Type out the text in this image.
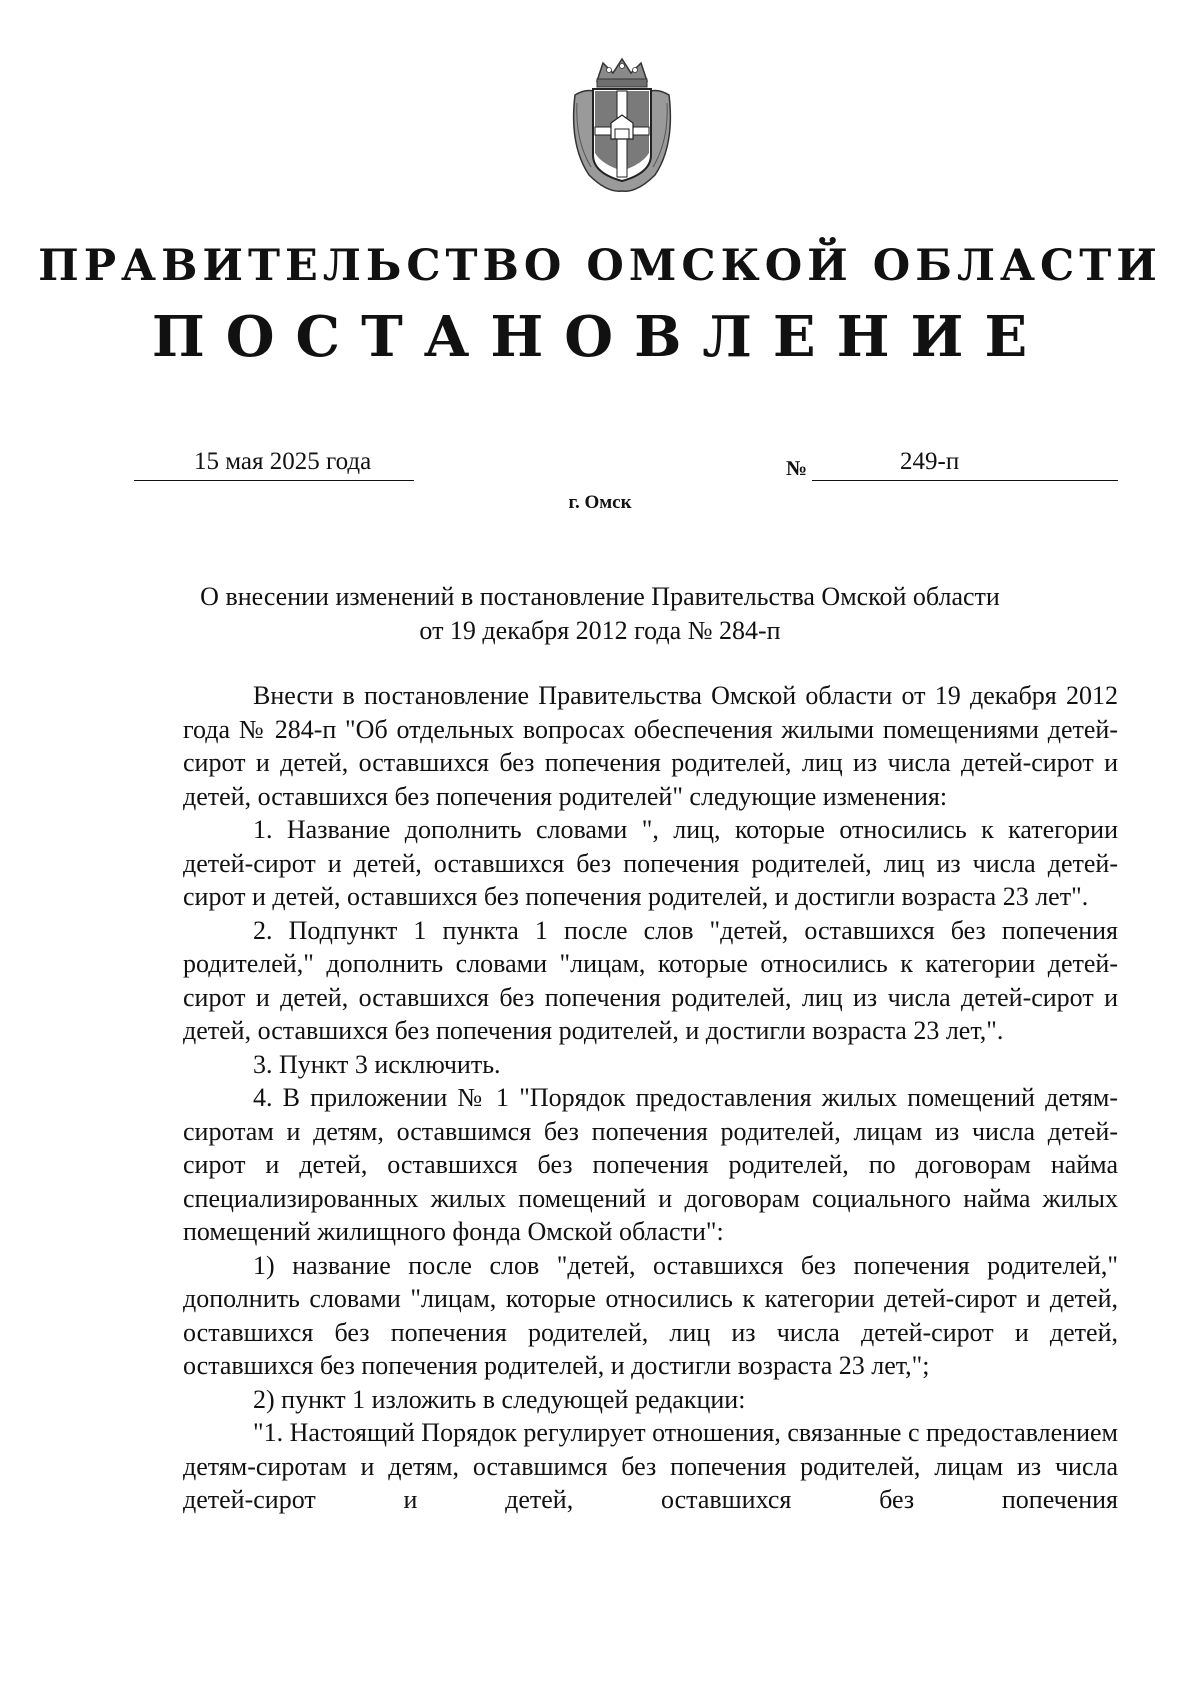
ПРАВИТЕЛЬСТВО ОМСКОЙ ОБЛАСТИ
ПОСТАНОВЛЕНИЕ
15 мая 2025 года	№	249-п
г. Омск
О внесении изменений в постановление Правительства Омской области
от 19 декабря 2012 года № 284-п

Внести в постановление Правительства Омской области от 19 декабря 2012 года № 284-п "Об отдельных вопросах обеспечения жилыми помещениями детей-сирот и детей, оставшихся без попечения родителей, лиц из числа детей-сирот и детей, оставшихся без попечения родителей" следующие изменения:

1. Название дополнить словами ", лиц, которые относились к категории детей-сирот и детей, оставшихся без попечения родителей, лиц из числа детей-сирот и детей, оставшихся без попечения родителей, и достигли возраста 23 лет".

2. Подпункт 1 пункта 1 после слов "детей, оставшихся без попечения родителей," дополнить словами "лицам, которые относились к категории детей-сирот и детей, оставшихся без попечения родителей, лиц из числа детей-сирот и детей, оставшихся без попечения родителей, и достигли возраста 23 лет,".

3. Пункт 3 исключить.

4. В приложении № 1 "Порядок предоставления жилых помещений детям-сиротам и детям, оставшимся без попечения родителей, лицам из числа детей-сирот и детей, оставшихся без попечения родителей, по договорам найма специализированных жилых помещений и договорам социального найма жилых помещений жилищного фонда Омской области":

1) название после слов "детей, оставшихся без попечения родителей," дополнить словами "лицам, которые относились к категории детей-сирот и детей, оставшихся без попечения родителей, лиц из числа детей-сирот и детей, оставшихся без попечения родителей, и достигли возраста 23 лет,";

2) пункт 1 изложить в следующей редакции:

"1. Настоящий Порядок регулирует отношения, связанные с предоставлением детям-сиротам и детям, оставшимся без попечения родителей, лицам из числа детей-сирот и детей, оставшихся без попечения
